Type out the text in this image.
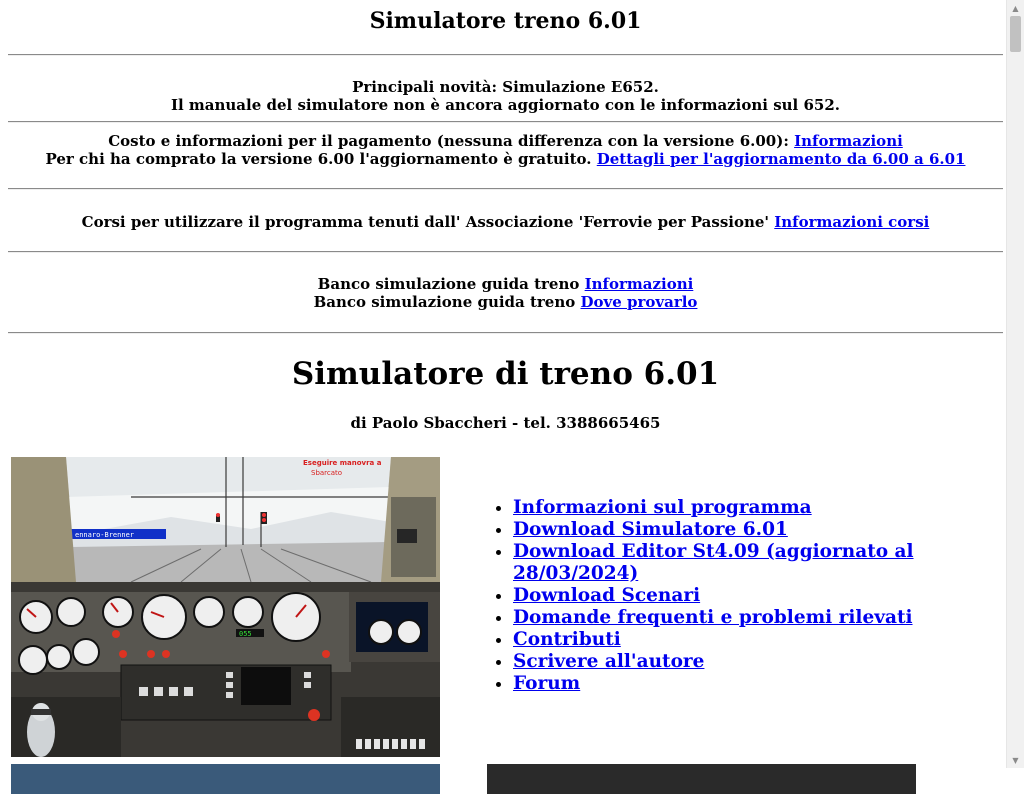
Simulatore treno 6.01

Principali novità: Simulazione E652.
Il manuale del simulatore non è ancora aggiornato con le informazioni sul 652.
Costo e informazioni per il pagamento (nessuna differenza con la versione 6.00): Informazioni
Per chi ha comprato la versione 6.00 l'aggiornamento è gratuito. Dettagli per l'aggiornamento da 6.00 a 6.01
Corsi per utilizzare il programma tenuti dall' Associazione 'Ferrovie per Passione' Informazioni corsi
Banco simulazione guida treno Informazioni
Banco simulazione guida treno Dove provarlo

Simulatore di treno 6.01

di Paolo Sbaccheri - tel. 3388665465
ennaro-Brenner
Eseguire manovra a
Sbarcato
055
• Informazioni sul programma
• Download Simulatore 6.01
• Download Editor St4.09 (aggiornato al 28/03/2024)
• Download Scenari
• Domande frequenti e problemi rilevati
• Contributi
• Scrivere all'autore
• Forum
▲
▼
